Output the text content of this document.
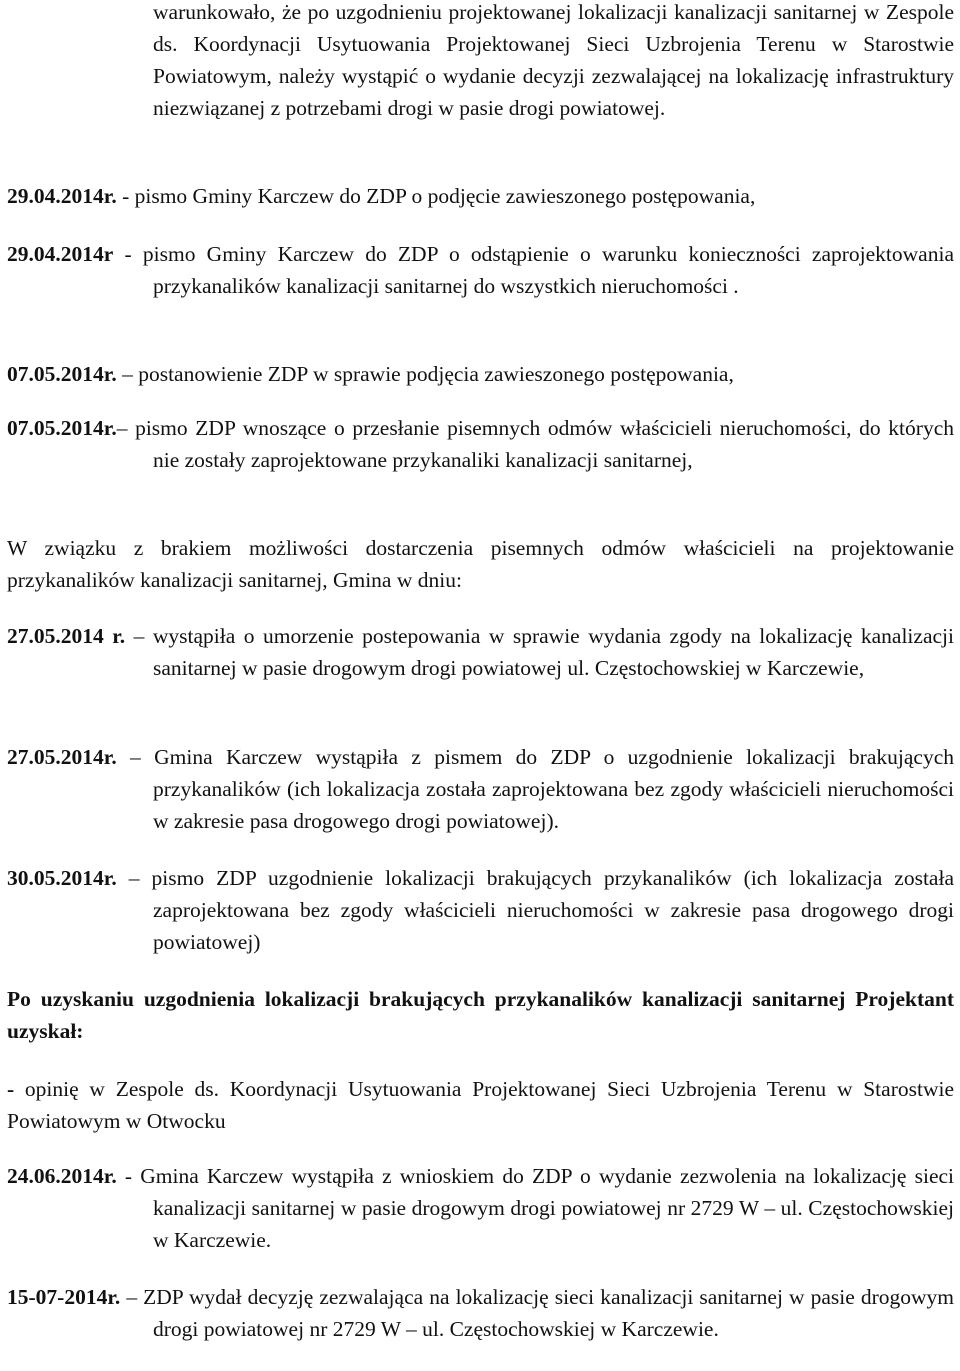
warunkowało, że po uzgodnieniu projektowanej lokalizacji kanalizacji sanitarnej w Zespole ds. Koordynacji Usytuowania Projektowanej Sieci Uzbrojenia Terenu w Starostwie Powiatowym, należy wystąpić o wydanie decyzji zezwalającej na lokalizację infrastruktury niezwiązanej z potrzebami drogi w pasie drogi powiatowej.

29.04.2014r. - pismo Gminy Karczew do ZDP o podjęcie zawieszonego postępowania,

29.04.2014r - pismo Gminy Karczew do ZDP o odstąpienie o warunku konieczności zaprojektowania przykanalików kanalizacji sanitarnej do wszystkich nieruchomości .

07.05.2014r. – postanowienie ZDP w sprawie podjęcia zawieszonego postępowania,

07.05.2014r.– pismo ZDP wnoszące o przesłanie pisemnych odmów właścicieli nieruchomości, do których nie zostały zaprojektowane przykanaliki kanalizacji sanitarnej,

W związku z brakiem możliwości dostarczenia pisemnych odmów właścicieli na projektowanie przykanalików kanalizacji sanitarnej, Gmina w dniu:

27.05.2014 r. – wystąpiła o umorzenie postepowania w sprawie wydania zgody na lokalizację kanalizacji sanitarnej w pasie drogowym drogi powiatowej ul. Częstochowskiej w Karczewie,

27.05.2014r. – Gmina Karczew wystąpiła z pismem do ZDP o uzgodnienie lokalizacji brakujących przykanalików (ich lokalizacja została zaprojektowana bez zgody właścicieli nieruchomości w zakresie pasa drogowego drogi powiatowej).

30.05.2014r. – pismo ZDP uzgodnienie lokalizacji brakujących przykanalików (ich lokalizacja została zaprojektowana bez zgody właścicieli nieruchomości w zakresie pasa drogowego drogi powiatowej)

Po uzyskaniu uzgodnienia lokalizacji brakujących przykanalików kanalizacji sanitarnej Projektant uzyskał:

- opinię w Zespole ds. Koordynacji Usytuowania Projektowanej Sieci Uzbrojenia Terenu w Starostwie Powiatowym w Otwocku

24.06.2014r. - Gmina Karczew wystąpiła z wnioskiem do ZDP o wydanie zezwolenia na lokalizację sieci kanalizacji sanitarnej w pasie drogowym drogi powiatowej nr 2729 W – ul. Częstochowskiej w Karczewie.

15-07-2014r. – ZDP wydał decyzję zezwalająca na lokalizację sieci kanalizacji sanitarnej w pasie drogowym drogi powiatowej nr 2729 W – ul. Częstochowskiej w Karczewie.
